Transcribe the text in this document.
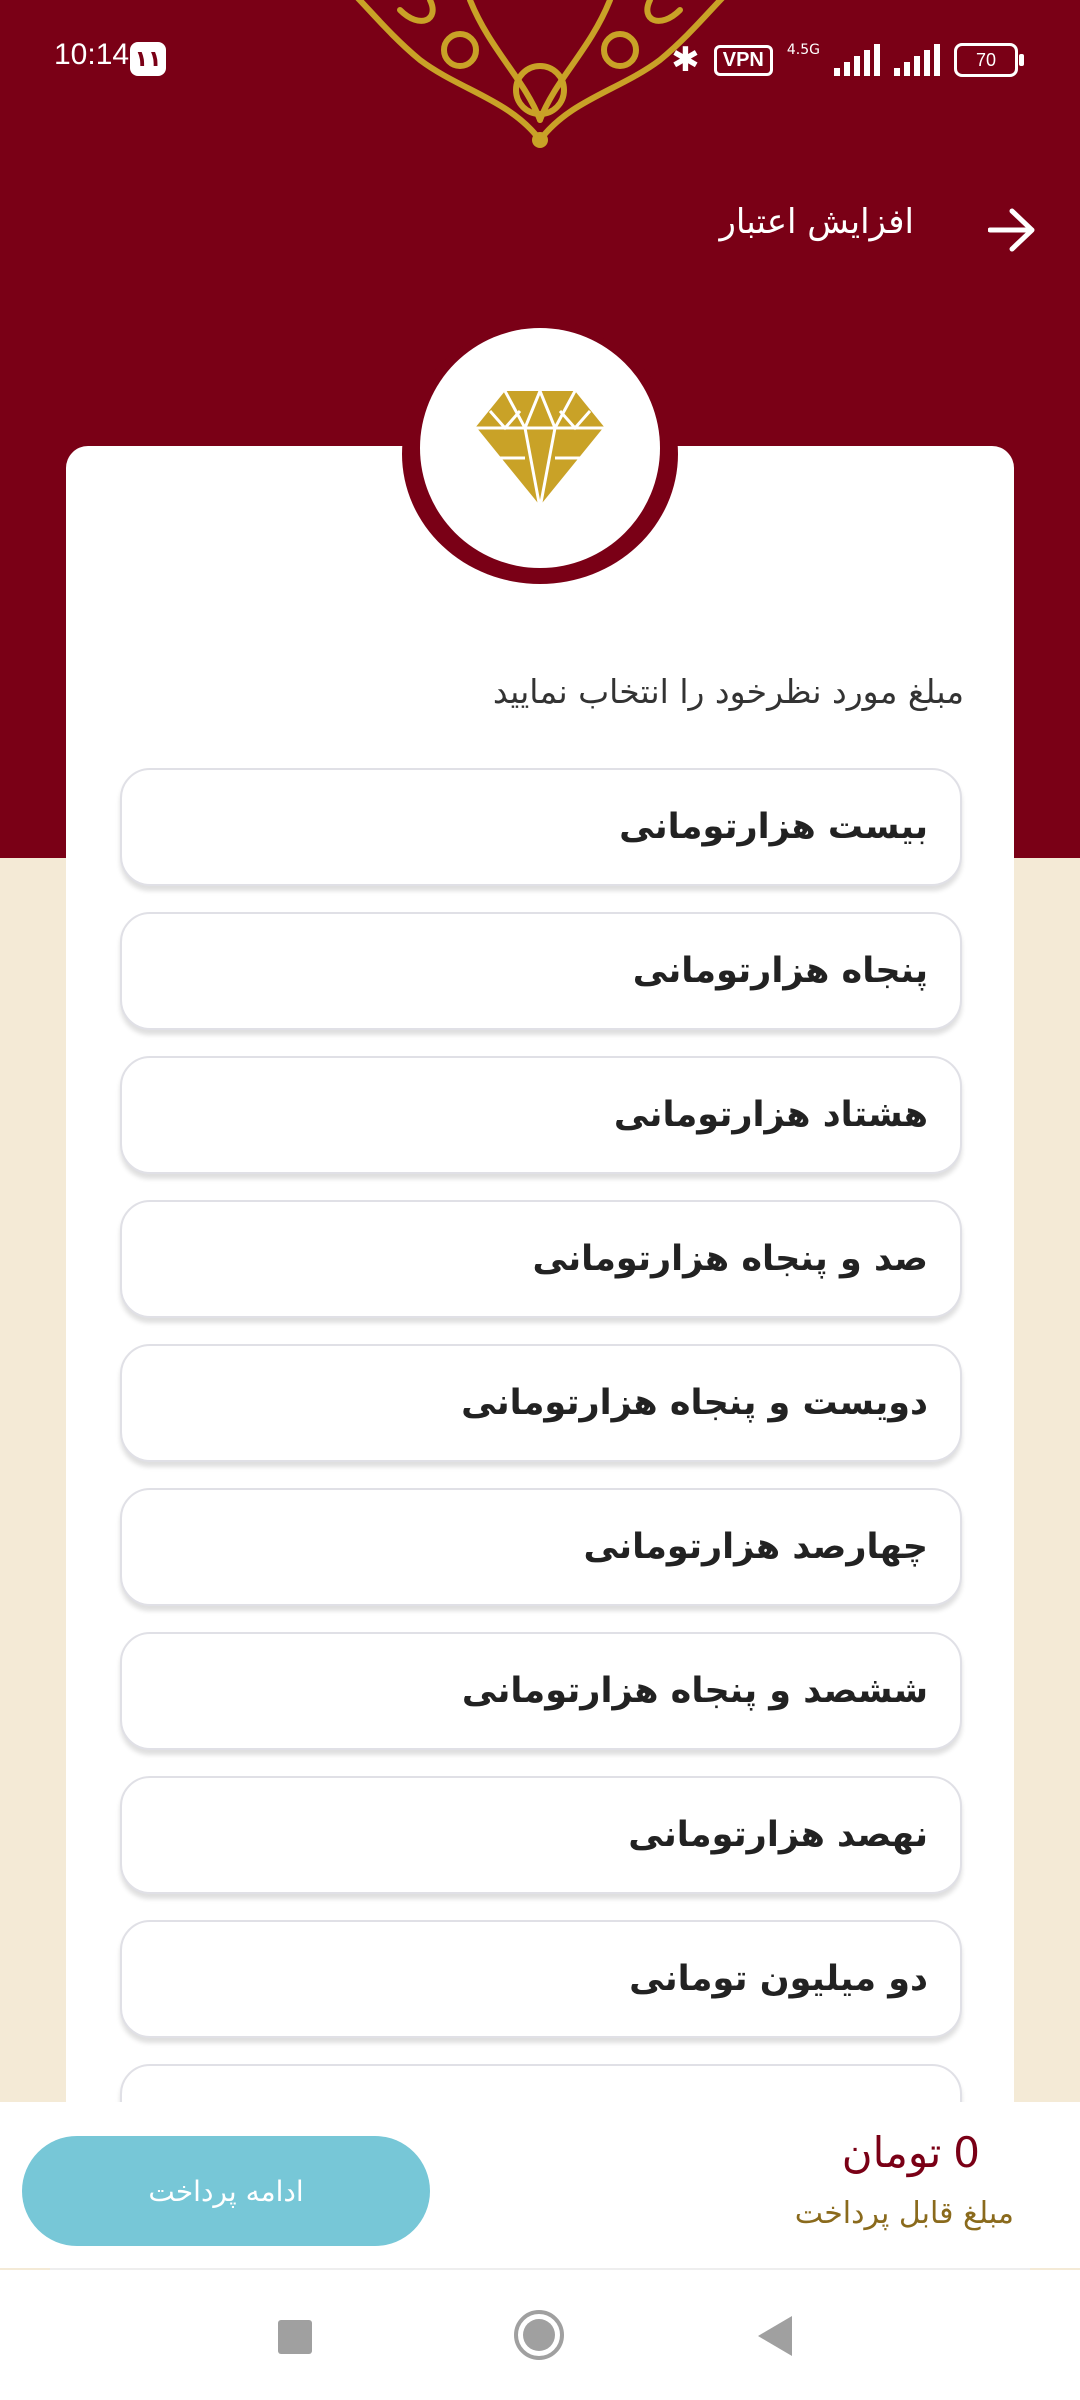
10:14 ۱۱	✱	VPN	4.5G	70
افزایش اعتبار
مبلغ مورد نظرخود را انتخاب نمایید
بیست هزارتومانی
پنجاه هزارتومانی
هشتاد هزارتومانی
صد و پنجاه هزارتومانی
دویست و پنجاه هزارتومانی
چهارصد هزارتومانی
ششصد و پنجاه هزارتومانی
نهصد هزارتومانی
دو میلیون تومانی
0
تومان
مبلغ قابل پرداخت
ادامه پرداخت
